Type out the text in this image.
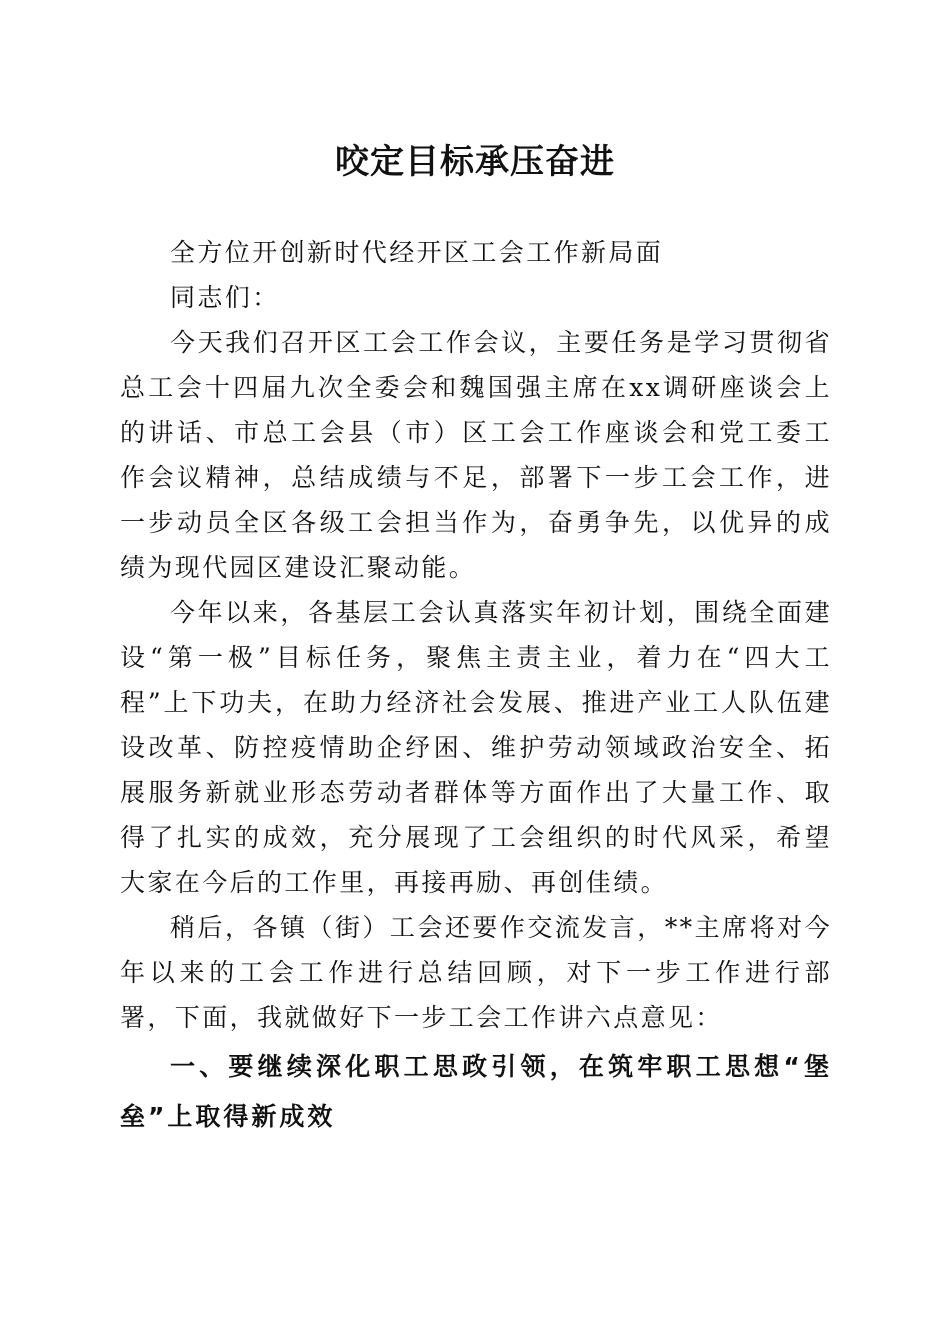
咬定目标承压奋进

全方位开创新时代经开区工会工作新局面

同志们：

今天我们召开区工会工作会议，主要任务是学习贯彻省总工会十四届九次全委会和魏国强主席在xx调研座谈会上的讲话、市总工会县（市）区工会工作座谈会和党工委工作会议精神，总结成绩与不足，部署下一步工会工作，进一步动员全区各级工会担当作为，奋勇争先，以优异的成绩为现代园区建设汇聚动能。

今年以来，各基层工会认真落实年初计划，围绕全面建设“第一极”目标任务，聚焦主责主业，着力在“四大工程”上下功夫，在助力经济社会发展、推进产业工人队伍建设改革、防控疫情助企纾困、维护劳动领域政治安全、拓展服务新就业形态劳动者群体等方面作出了大量工作、取得了扎实的成效，充分展现了工会组织的时代风采，希望大家在今后的工作里，再接再励、再创佳绩。

稍后，各镇（街）工会还要作交流发言，**主席将对今年以来的工会工作进行总结回顾，对下一步工作进行部署，下面，我就做好下一步工会工作讲六点意见：

一、要继续深化职工思政引领，在筑牢职工思想“堡垒”上取得新成效
